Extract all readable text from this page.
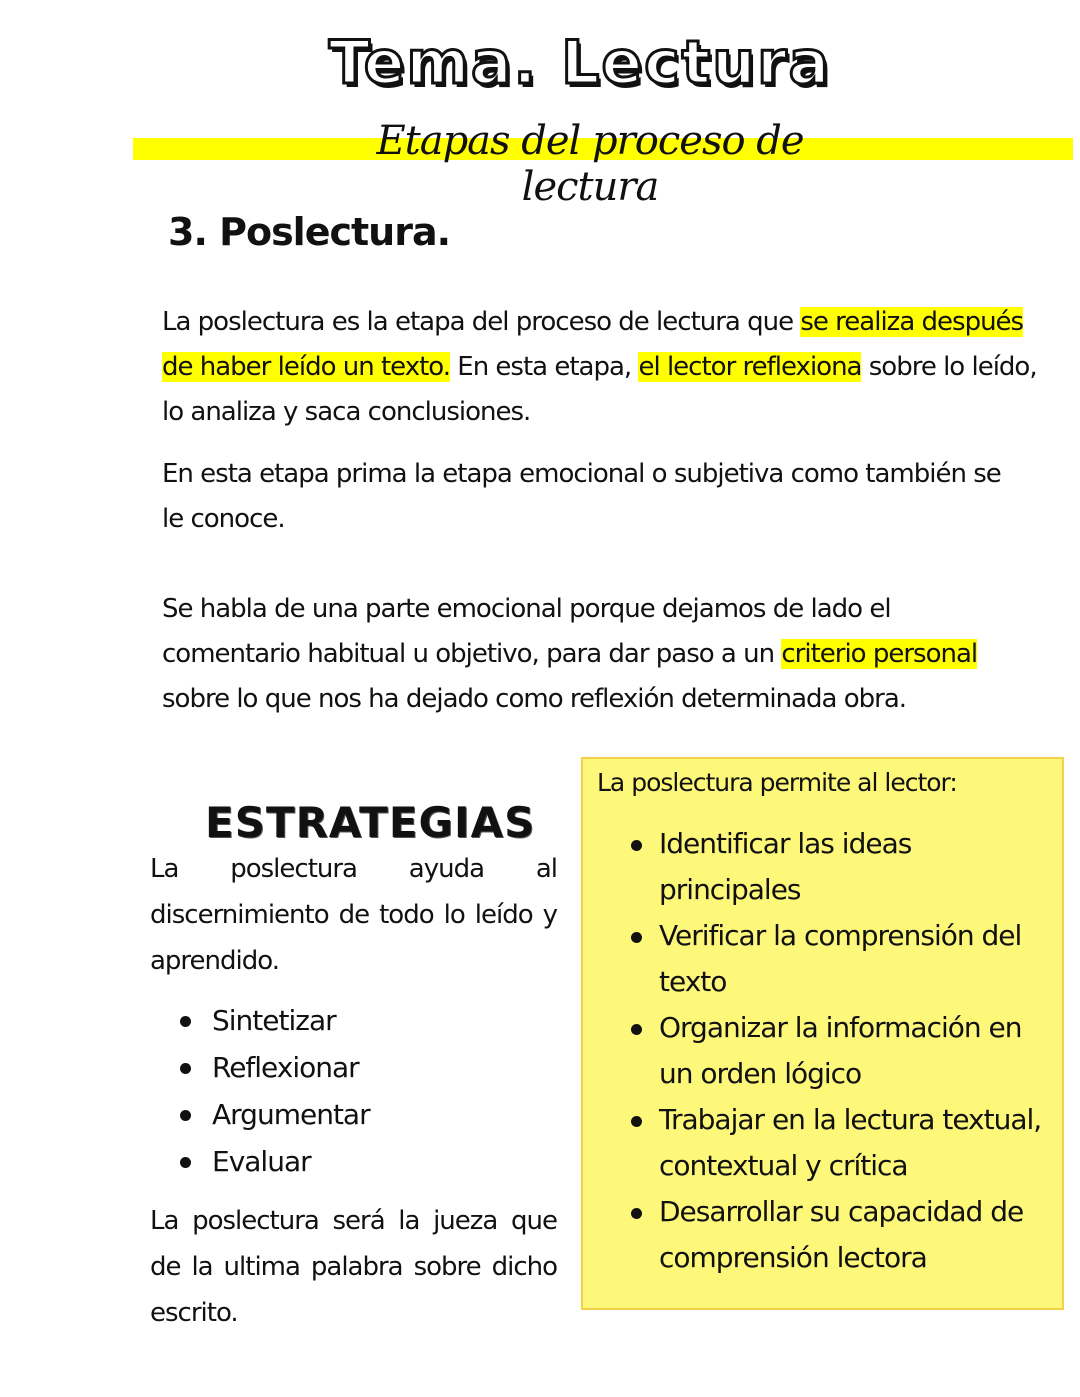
Tema. Lectura
Etapas del proceso de lectura
3. Poslectura.
La poslectura es la etapa del proceso de lectura que se realiza después de haber leído un texto. En esta etapa, el lector reflexiona sobre lo leído, lo analiza y saca conclusiones.
En esta etapa prima la etapa emocional o subjetiva como también se le conoce.
Se habla de una parte emocional porque dejamos de lado el comentario habitual u objetivo, para dar paso a un criterio personal sobre lo que nos ha dejado como reflexión determinada obra.
ESTRATEGIAS
La poslectura ayuda al discernimiento de todo lo leído y aprendido.
Sintetizar
Reflexionar
Argumentar
Evaluar
La poslectura será la jueza que de la ultima palabra sobre dicho escrito.
La poslectura permite al lector:
Identificar las ideas principales
Verificar la comprensión del texto
Organizar la información en un orden lógico
Trabajar en la lectura textual, contextual y crítica
Desarrollar su capacidad de comprensión lectora
